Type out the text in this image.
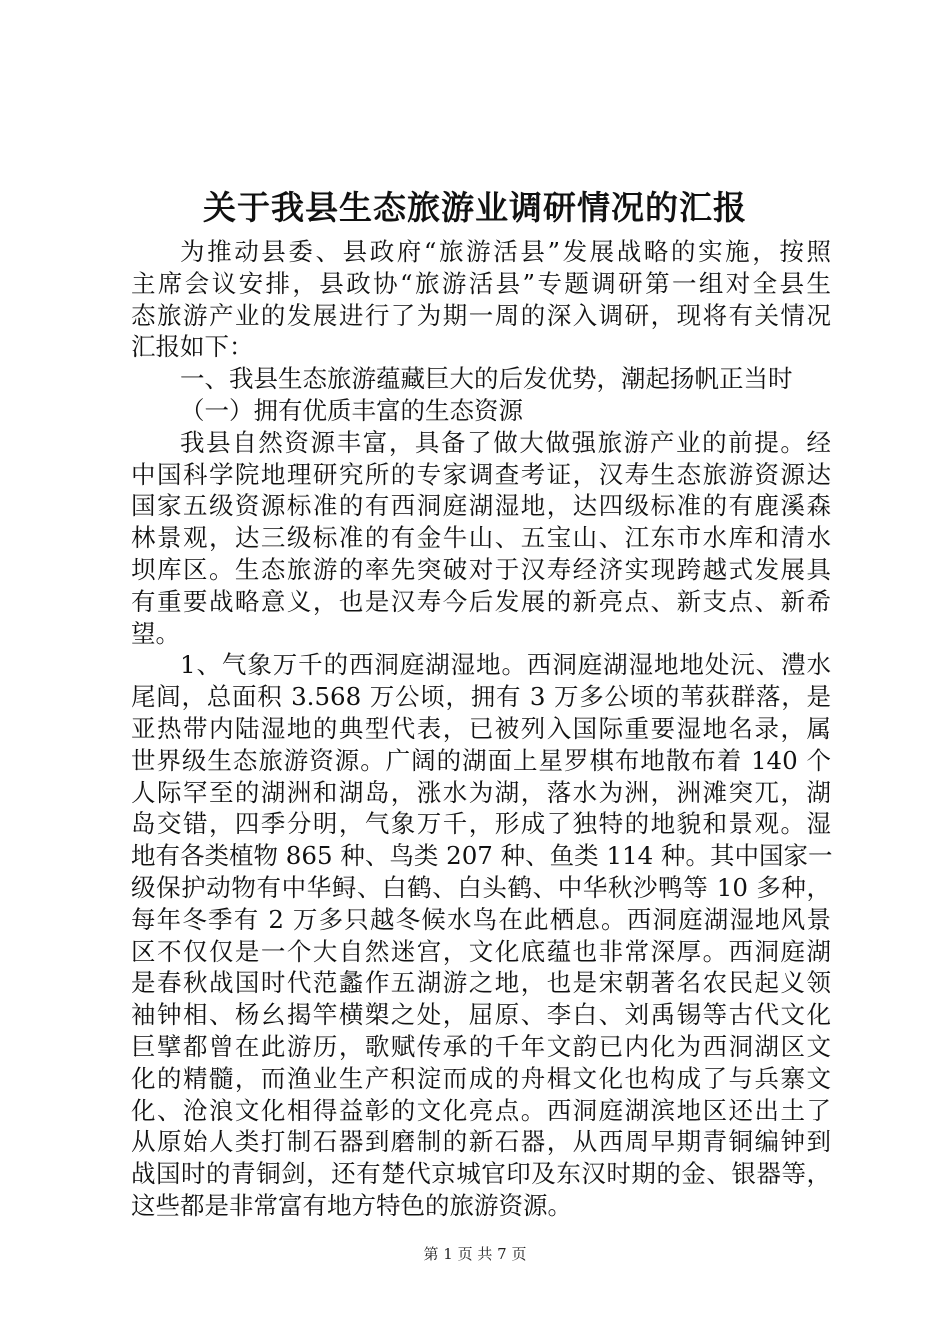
关于我县生态旅游业调研情况的汇报
为推动县委、县政府“旅游活县”发展战略的实施，按照
主席会议安排，县政协“旅游活县”专题调研第一组对全县生
态旅游产业的发展进行了为期一周的深入调研，现将有关情况
汇报如下：
一、我县生态旅游蕴藏巨大的后发优势，潮起扬帆正当时
（一）拥有优质丰富的生态资源
我县自然资源丰富，具备了做大做强旅游产业的前提。经
中国科学院地理研究所的专家调查考证，汉寿生态旅游资源达
国家五级资源标准的有西洞庭湖湿地，达四级标准的有鹿溪森
林景观，达三级标准的有金牛山、五宝山、江东市水库和清水
坝库区。生态旅游的率先突破对于汉寿经济实现跨越式发展具
有重要战略意义，也是汉寿今后发展的新亮点、新支点、新希
望。
1、气象万千的西洞庭湖湿地。西洞庭湖湿地地处沅、澧水
尾闾，总面积 3.568 万公顷，拥有 3 万多公顷的苇荻群落，是
亚热带内陆湿地的典型代表，已被列入国际重要湿地名录，属
世界级生态旅游资源。广阔的湖面上星罗棋布地散布着 140 个
人际罕至的湖洲和湖岛，涨水为湖，落水为洲，洲滩突兀，湖
岛交错，四季分明，气象万千，形成了独特的地貌和景观。湿
地有各类植物 865 种、鸟类 207 种、鱼类 114 种。其中国家一
级保护动物有中华鲟、白鹤、白头鹤、中华秋沙鸭等 10 多种，
每年冬季有 2 万多只越冬候水鸟在此栖息。西洞庭湖湿地风景
区不仅仅是一个大自然迷宫，文化底蕴也非常深厚。西洞庭湖
是春秋战国时代范蠡作五湖游之地，也是宋朝著名农民起义领
袖钟相、杨幺揭竿横槊之处，屈原、李白、刘禹锡等古代文化
巨擘都曾在此游历，歌赋传承的千年文韵已内化为西洞湖区文
化的精髓，而渔业生产积淀而成的舟楫文化也构成了与兵寨文
化、沧浪文化相得益彰的文化亮点。西洞庭湖滨地区还出土了
从原始人类打制石器到磨制的新石器，从西周早期青铜编钟到
战国时的青铜剑，还有楚代京城官印及东汉时期的金、银器等，
这些都是非常富有地方特色的旅游资源。
第 1 页 共 7 页
